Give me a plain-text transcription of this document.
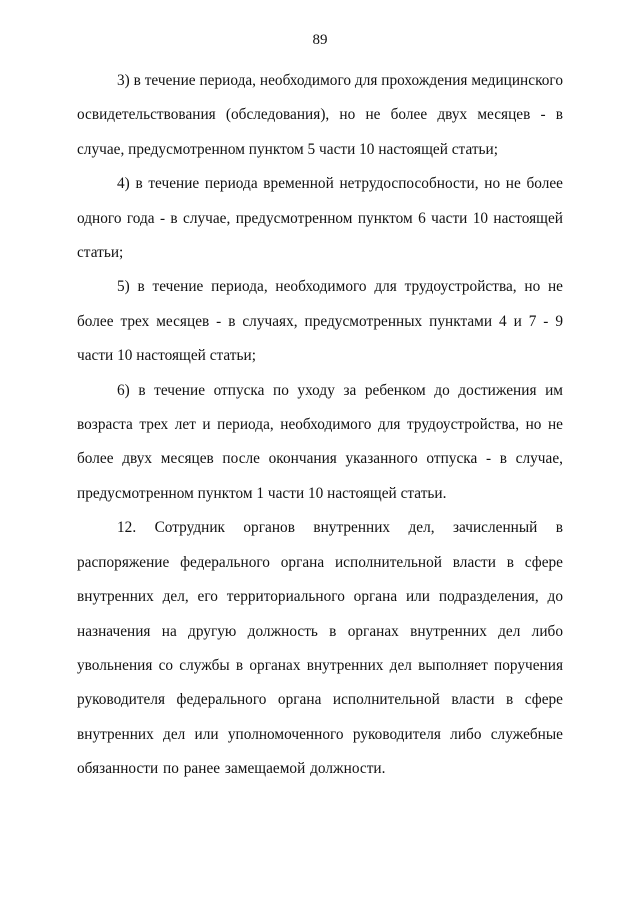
89

3) в течение периода, необходимого для прохождения медицинского освидетельствования (обследования), но не более двух месяцев - в случае, предусмотренном пунктом 5 части 10 настоящей статьи;

4) в течение периода временной нетрудоспособности, но не более одного года - в случае, предусмотренном пунктом 6 части 10 настоящей статьи;

5) в течение периода, необходимого для трудоустройства, но не более трех месяцев - в случаях, предусмотренных пунктами 4 и 7 - 9 части 10 настоящей статьи;

6) в течение отпуска по уходу за ребенком до достижения им возраста трех лет и периода, необходимого для трудоустройства, но не более двух месяцев после окончания указанного отпуска - в случае, предусмотренном пунктом 1 части 10 настоящей статьи.

12. Сотрудник органов внутренних дел, зачисленный в распоряжение федерального органа исполнительной власти в сфере внутренних дел, его территориального органа или подразделения, до назначения на другую должность в органах внутренних дел либо увольнения со службы в органах внутренних дел выполняет поручения руководителя федерального органа исполнительной власти в сфере внутренних дел или уполномоченного руководителя либо служебные обязанности по ранее замещаемой должности.
